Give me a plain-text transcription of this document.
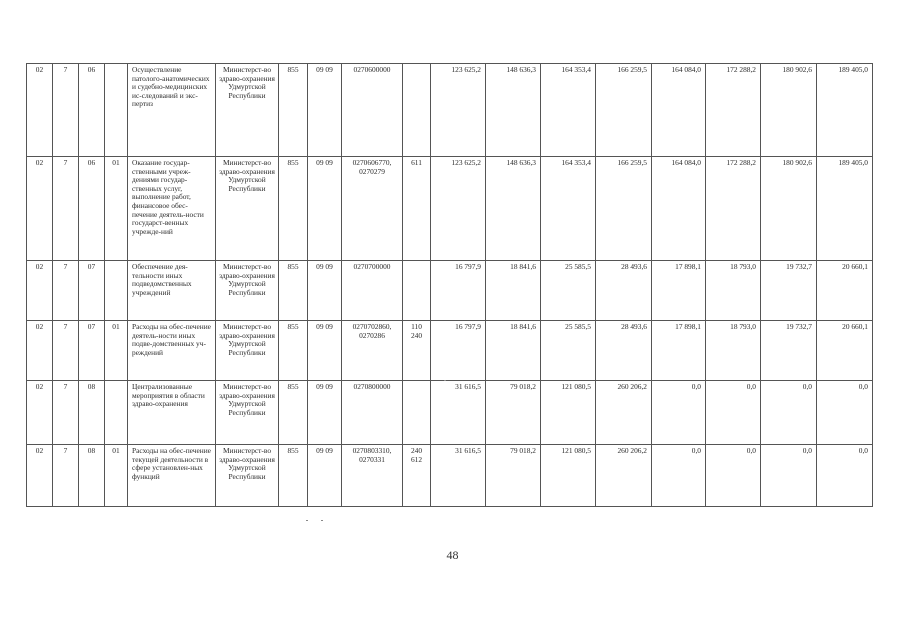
02	7	06		Осуществление патолого-анатомических и судебно-медицинских ис-следований и экс-пертиз	Министерст-во здраво-охранения Удмуртской Республики	855	09 09	0270600000		123 625,2	148 636,3	164 353,4	166 259,5	164 084,0	172 288,2	180 902,6	189 405,0
02	7	06	01	Оказание государ-ственными учреж-дениями государ-ственных услуг, выполнение работ, финансовое обес-печение деятель-ности государст-венных учрежде-ний	Министерст-во здраво-охранения Удмуртской Республики	855	09 09	0270606770, 0270279	611	123 625,2	148 636,3	164 353,4	166 259,5	164 084,0	172 288,2	180 902,6	189 405,0
02	7	07		Обеспечение дея-тельности иных подведомственных учреждений	Министерст-во здраво-охранения Удмуртской Республики	855	09 09	0270700000		16 797,9	18 841,6	25 585,5	28 493,6	17 898,1	18 793,0	19 732,7	20 660,1
02	7	07	01	Расходы на обес-печение деятель-ности иных подве-домственных уч-реждений	Министерст-во здраво-охранения Удмуртской Республики	855	09 09	0270702860, 0270286	110 240	16 797,9	18 841,6	25 585,5	28 493,6	17 898,1	18 793,0	19 732,7	20 660,1
02	7	08		Централизованные мероприятия в области здраво-охранения	Министерст-во здраво-охранения Удмуртской Республики	855	09 09	0270800000		31 616,5	79 018,2	121 080,5	260 206,2	0,0	0,0	0,0	0,0
02	7	08	01	Расходы на обес-печение текущей деятельности в сфере установлен-ных функций	Министерст-во здраво-охранения Удмуртской Республики	855	09 09	0270803310, 0270331	240 612	31 616,5	79 018,2	121 080,5	260 206,2	0,0	0,0	0,0	0,0
48
